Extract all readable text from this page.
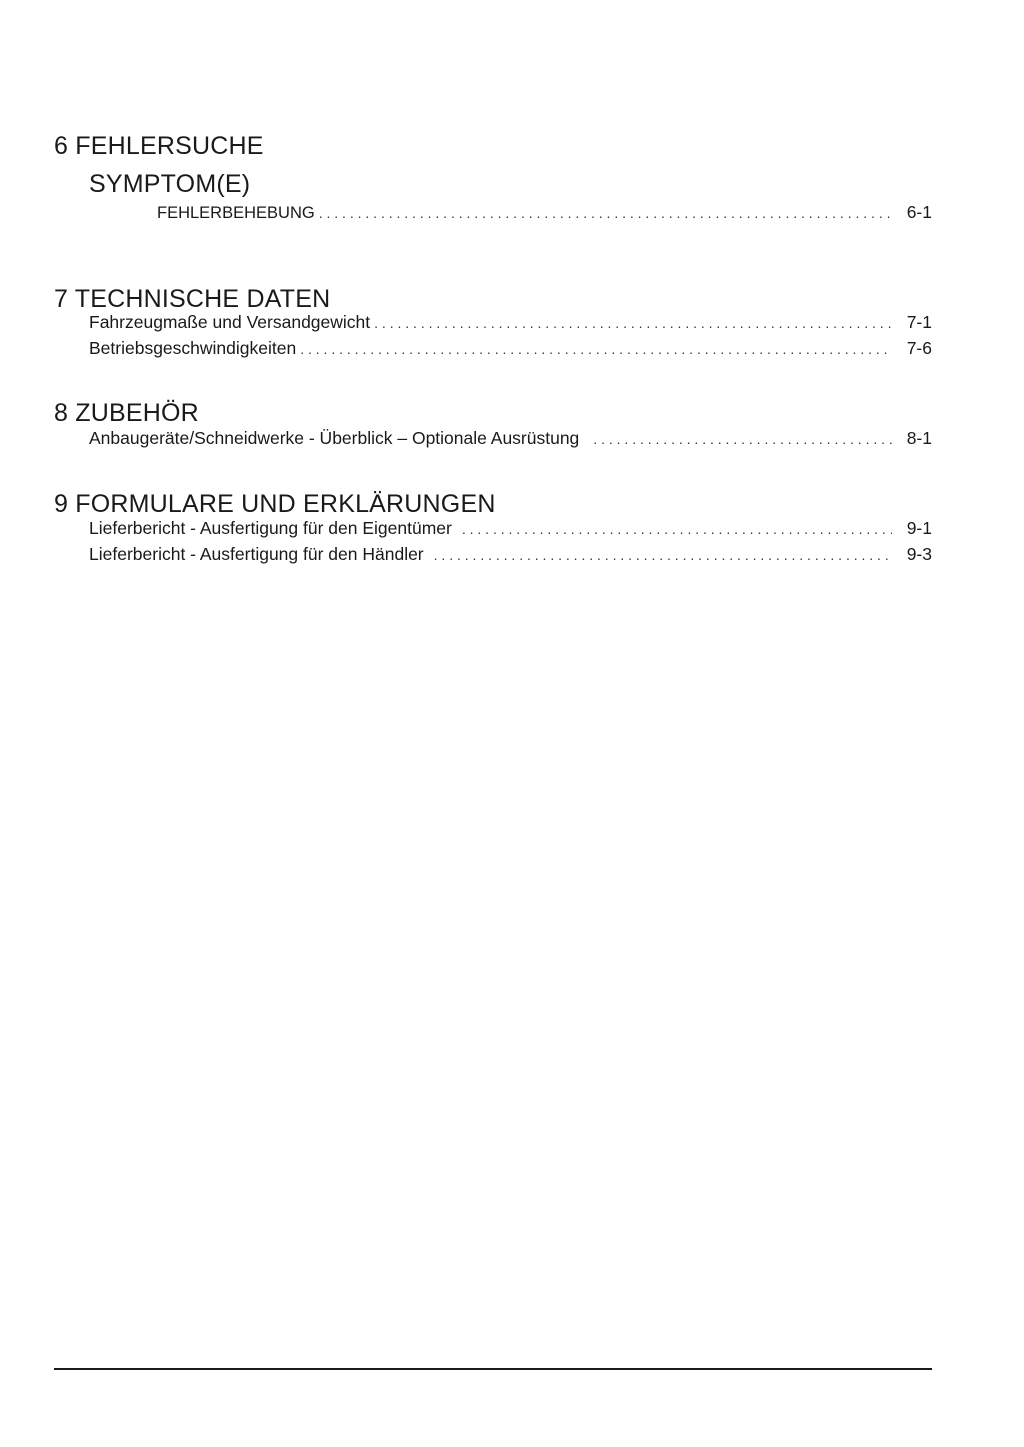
6 FEHLERSUCHE
SYMPTOM(E)
FEHLERBEHEBUNG . . .	6-1
7 TECHNISCHE DATEN
Fahrzeugmaße und Versandgewicht . . .	7-1
Betriebsgeschwindigkeiten . . .	7-6
8 ZUBEHÖR
Anbaugeräte/Schneidwerke - Überblick – Optionale Ausrüstung . . .	8-1
9 FORMULARE UND ERKLÄRUNGEN
Lieferbericht - Ausfertigung für den Eigentümer . . .	9-1
Lieferbericht - Ausfertigung für den Händler . . .	9-3
